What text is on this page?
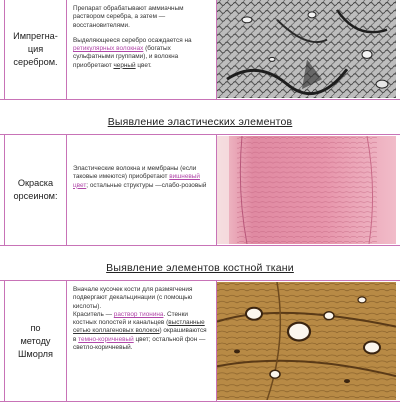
Импрегна-
ция
серебром.

Препарат обрабатывают аммиачным раствором серебра, а затем — восстановителями.

Выделяющееся серебро осаждается на ретикулярных волокнах (богатых сульфатными группами), и волокна приобретают черный цвет.

Выявление эластических элементов
Окраска
орсеином:

Эластические волокна и мембраны (если таковые имеются) приобретают вишневый цвет; остальные структуры —слабо-розовый

Выявление элементов костной ткани
по
методу
Шморля

Вначале кусочек кости для размягчения подвергают декальцинации (с помощью кислоты).

Краситель — раствор тионина. Стенки костных полостей и канальцев (выстланные сетью коллагеновых волокон) окрашиваются в темно-коричневый цвет; остальной фон — светло-коричневый.
